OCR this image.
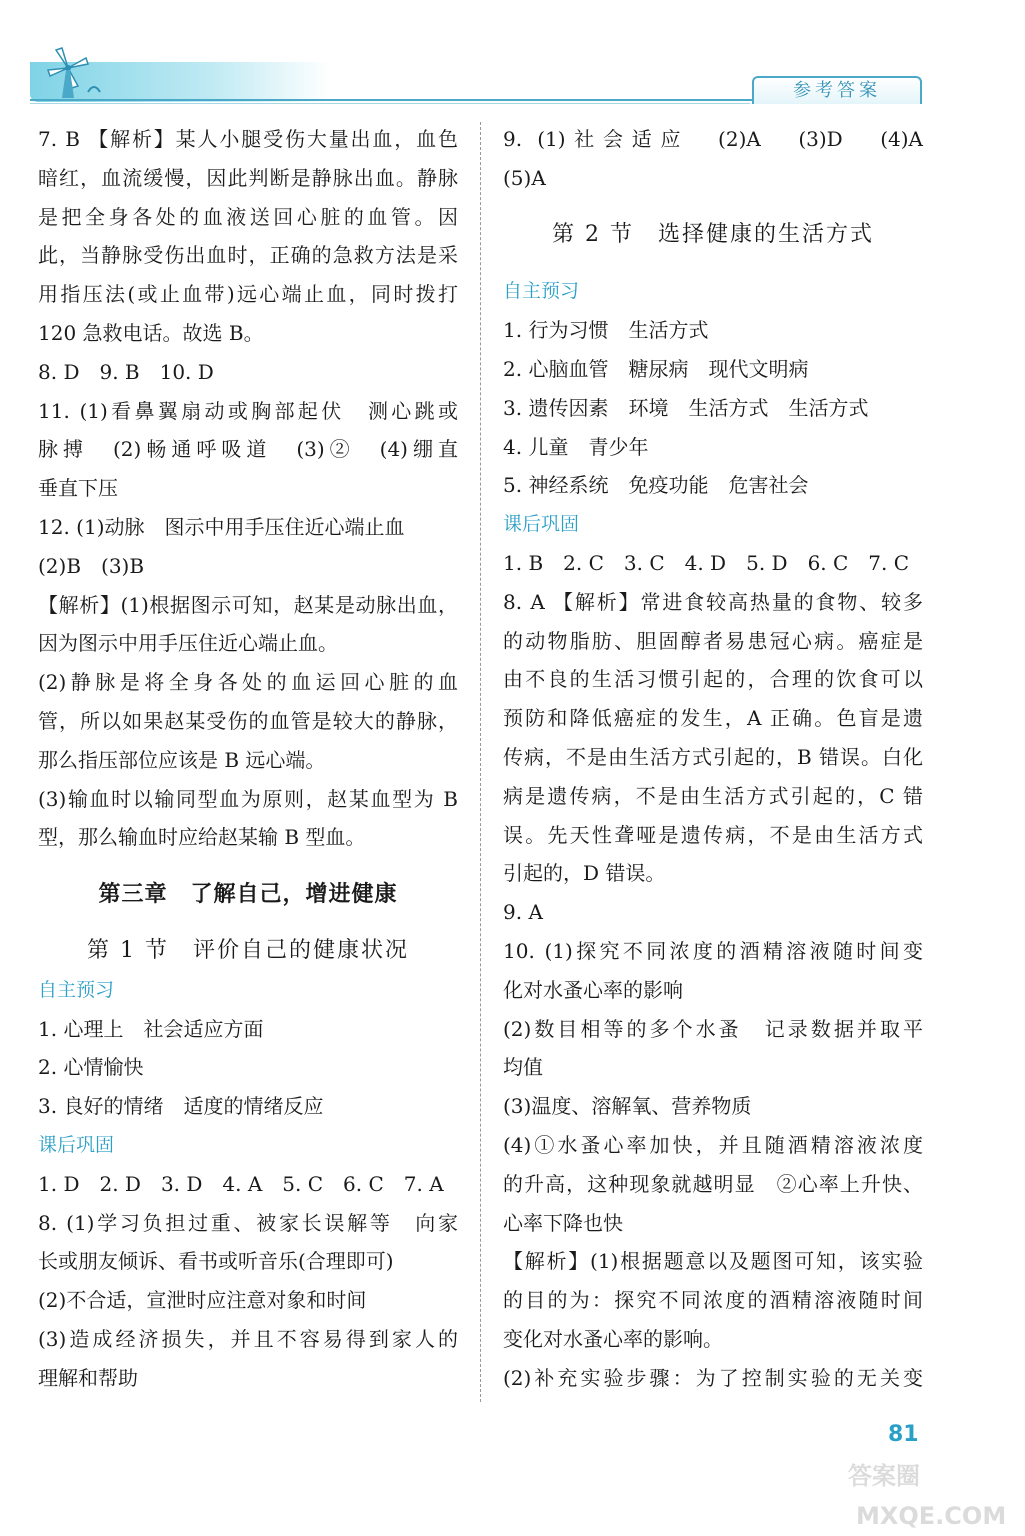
参考答案
7. B 【解析】某人小腿受伤大量出血，血色
暗红，血流缓慢，因此判断是静脉出血。静脉
是把全身各处的血液送回心脏的血管。因
此，当静脉受伤出血时，正确的急救方法是采
用指压法(或止血带)远心端止血，同时拨打
120 急救电话。故选 B。
8. D　9. B　10. D
11. (1)看鼻翼扇动或胸部起伏　测心跳或
脉搏　(2)畅通呼吸道　(3)②　(4)绷直
垂直下压
12. (1)动脉　图示中用手压住近心端止血
(2)B　(3)B
【解析】(1)根据图示可知，赵某是动脉出血，
因为图示中用手压住近心端止血。
(2)静脉是将全身各处的血运回心脏的血
管，所以如果赵某受伤的血管是较大的静脉，
那么指压部位应该是 B 远心端。
(3)输血时以输同型血为原则，赵某血型为 B
型，那么输血时应给赵某输 B 型血。
第三章　了解自己，增进健康
第 1 节　评价自己的健康状况
自主预习
1. 心理上　社会适应方面
2. 心情愉快
3. 良好的情绪　适度的情绪反应
课后巩固
1. D　2. D　3. D　4. A　5. C　6. C　7. A
8. (1)学习负担过重、被家长误解等　向家
长或朋友倾诉、看书或听音乐(合理即可)
(2)不合适，宣泄时应注意对象和时间
(3)造成经济损失，并且不容易得到家人的
理解和帮助
9. (1)社会适应　(2)A　(3)D　(4)A
(5)A
第 2 节　选择健康的生活方式
自主预习
1. 行为习惯　生活方式
2. 心脑血管　糖尿病　现代文明病
3. 遗传因素　环境　生活方式　生活方式
4. 儿童　青少年
5. 神经系统　免疫功能　危害社会
课后巩固
1. B　2. C　3. C　4. D　5. D　6. C　7. C
8. A 【解析】常进食较高热量的食物、较多
的动物脂肪、胆固醇者易患冠心病。癌症是
由不良的生活习惯引起的，合理的饮食可以
预防和降低癌症的发生，A 正确。色盲是遗
传病，不是由生活方式引起的，B 错误。白化
病是遗传病，不是由生活方式引起的，C 错
误。先天性聋哑是遗传病，不是由生活方式
引起的，D 错误。
9. A
10. (1)探究不同浓度的酒精溶液随时间变
化对水蚤心率的影响
(2)数目相等的多个水蚤　记录数据并取平
均值
(3)温度、溶解氧、营养物质
(4)①水蚤心率加快，并且随酒精溶液浓度
的升高，这种现象就越明显　②心率上升快、
心率下降也快
【解析】(1)根据题意以及题图可知，该实验
的目的为：探究不同浓度的酒精溶液随时间
变化对水蚤心率的影响。
(2)补充实验步骤：为了控制实验的无关变
81
答案圈
MXQE.COM
